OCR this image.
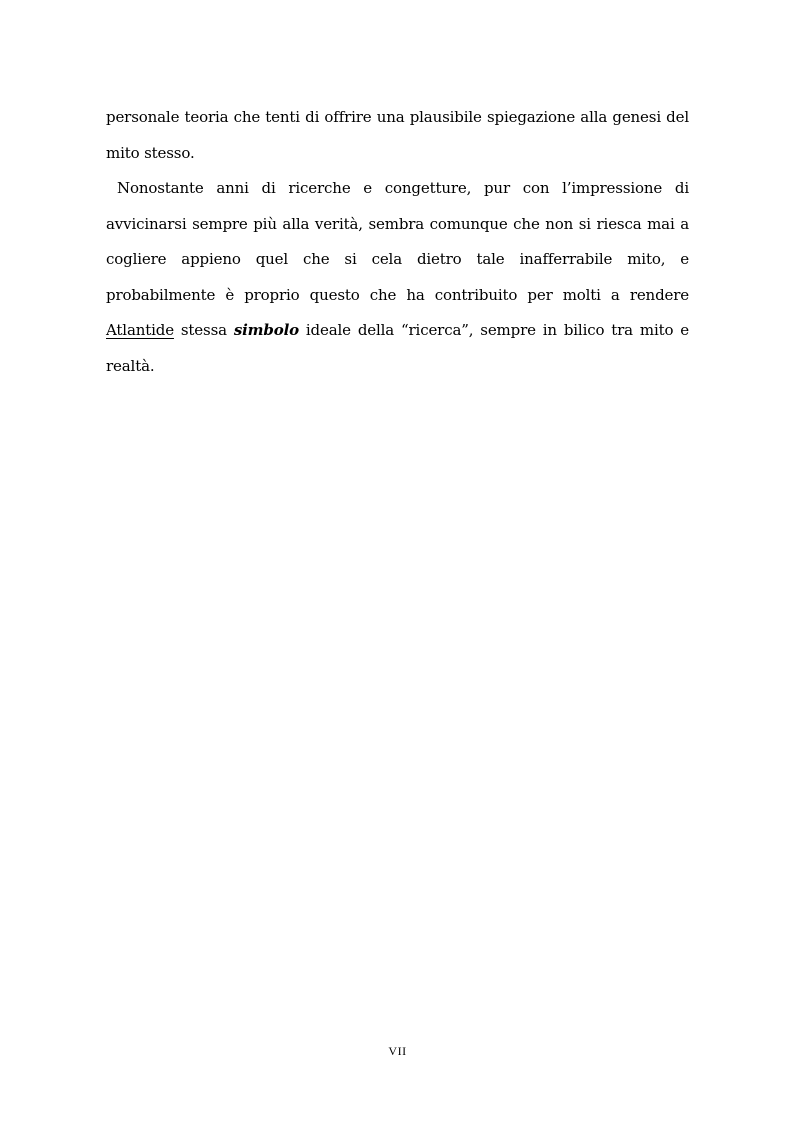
personale teoria che tenti di offrire una plausibile spiegazione alla genesi del mito stesso.

Nonostante anni di ricerche e congetture, pur con l’impressione di avvicinarsi sempre più alla verità, sembra comunque che non si riesca mai a cogliere appieno quel che si cela dietro tale inafferrabile mito, e probabilmente è proprio questo che ha contribuito per molti a rendere Atlantide stessa simbolo ideale della “ricerca”, sempre in bilico tra mito e realtà.

VII
